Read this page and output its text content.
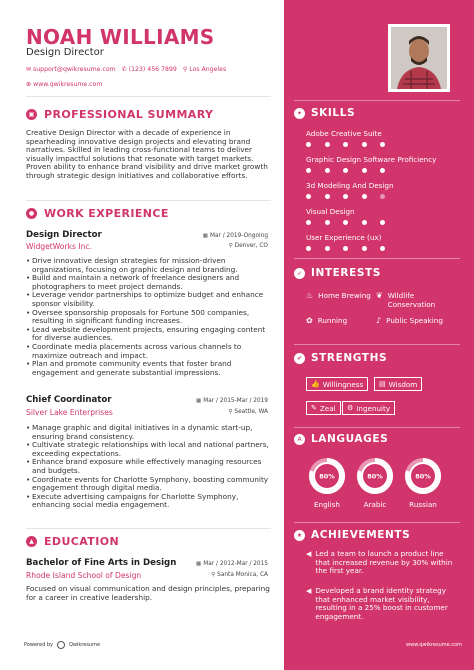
NOAH WILLIAMS
Design Director
✉ support@qwikresume.com ✆ (123) 456 7899 ⚲ Los Angeles
⊕ www.qwikresume.com
▣ PROFESSIONAL SUMMARY
Creative Design Director with a decade of experience in spearheading innovative design projects and elevating brand narratives. Skilled in leading cross-functional teams to deliver visually impactful solutions that resonate with target markets. Proven ability to enhance brand visibility and drive market growth through strategic design initiatives and collaborative efforts.
● WORK EXPERIENCE
Design Director	▦ Mar / 2019-Ongoing
WidgetWorks Inc.	⚲ Denver, CO
• Drive innovative design strategies for mission-driven organizations, focusing on graphic design and branding.
• Build and maintain a network of freelance designers and photographers to meet project demands.
• Leverage vendor partnerships to optimize budget and enhance sponsor visibility.
• Oversee sponsorship proposals for Fortune 500 companies, resulting in significant funding increases.
• Lead website development projects, ensuring engaging content for diverse audiences.
• Coordinate media placements across various channels to maximize outreach and impact.
• Plan and promote community events that foster brand engagement and generate substantial impressions.
Chief Coordinator	▦ Mar / 2015-Mar / 2019
Silver Lake Enterprises	⚲ Seattle, WA
• Manage graphic and digital initiatives in a dynamic start-up, ensuring brand consistency.
• Cultivate strategic relationships with local and national partners, exceeding expectations.
• Enhance brand exposure while effectively managing resources and budgets.
• Coordinate events for Charlotte Symphony, boosting community engagement through digital media.
• Execute advertising campaigns for Charlotte Symphony, enhancing social media engagement.
▲ EDUCATION
Bachelor of Fine Arts in Design	▦ Mar / 2012-Mar / 2015
Rhode Island School of Design	⚲ Santa Monica, CA
Focused on visual communication and design principles, preparing for a career in creative leadership.
Powered by	Qwikresume
✦ SKILLS
Adobe Creative Suite
Graphic Design Software Proficiency
3d Modeling And Design
Visual Design
User Experience (ux)
➶ INTERESTS
♨ Home Brewing ❦ Wildlife Conservation
✿ Running	♪ Public Speaking
✔ STRENGTHS
👍 Willingness ▤ Wisdom
✎ Zeal ⚙ Ingenuity
A LANGUAGES
80%
English
80%
Arabic
80%
Russian
★ ACHIEVEMENTS
◀ Led a team to launch a product line that increased revenue by 30% within the first year.
◀ Developed a brand identity strategy that enhanced market visibility, resulting in a 25% boost in customer engagement.
www.qwikresume.com
